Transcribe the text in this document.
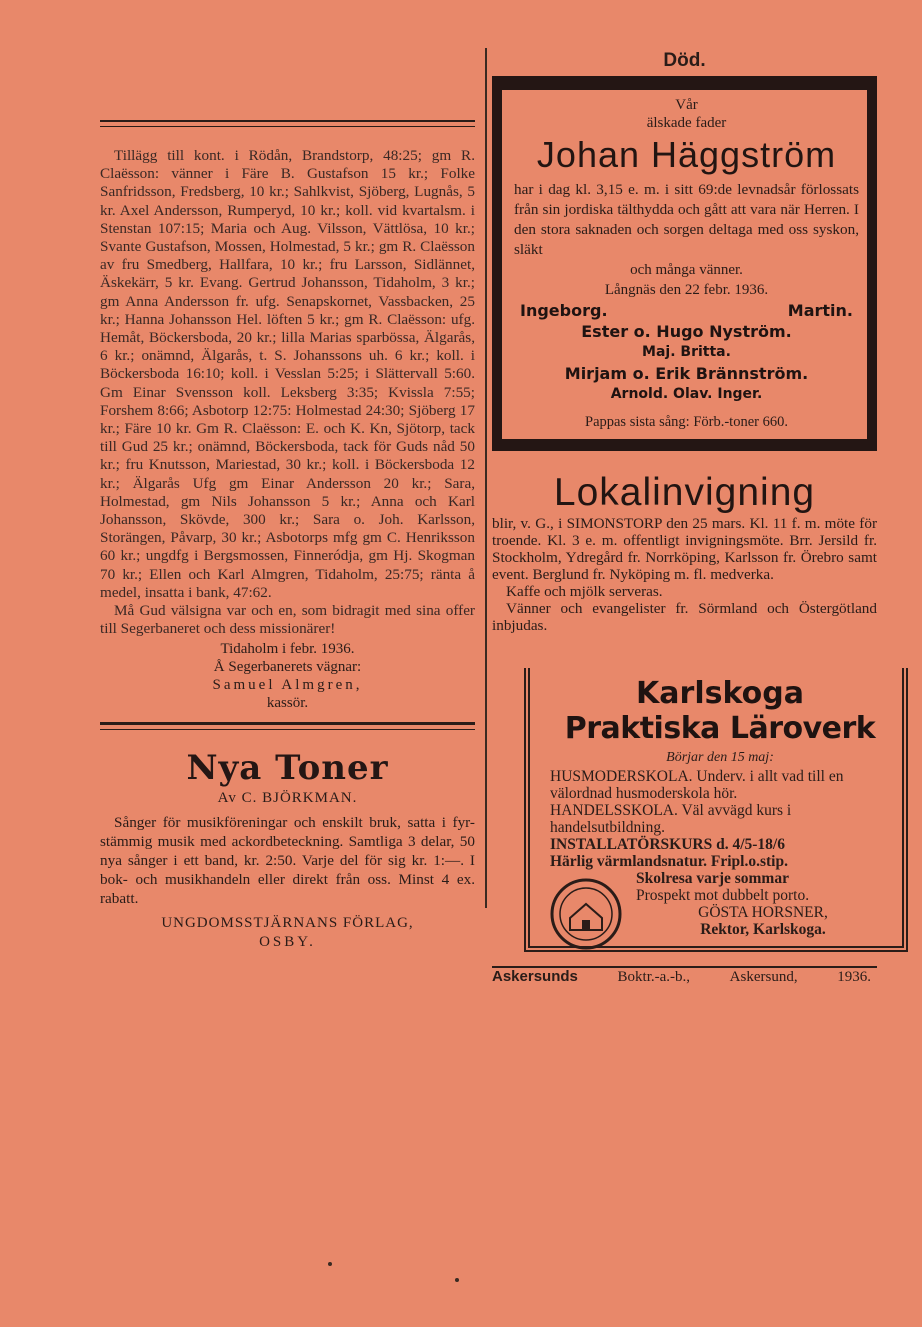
Tillägg till kont. i Rödån, Brandstorp, 48:25; gm R. Claësson: vänner i Färe B. Gustafson 15 kr.; Folke Sanfridsson, Fredsberg, 10 kr.; Sahlkvist, Sjöberg, Lugnås, 5 kr. Axel Andersson, Rumperyd, 10 kr.; koll. vid kvartalsm. i Stenstan 107:15; Maria och Aug. Vilsson, Vättlösa, 10 kr.; Svante Gustafson, Mossen, Holmestad, 5 kr.; gm R. Claësson av fru Smedberg, Hallfara, 10 kr.; fru Larsson, Sidlännet, Äskekärr, 5 kr. Evang. Gertrud Johansson, Tidaholm, 3 kr.; gm Anna Andersson fr. ufg. Senapskornet, Vassbacken, 25 kr.; Hanna Johansson Hel. löften 5 kr.; gm R. Claësson: ufg. Hemåt, Böckersboda, 20 kr.; lilla Marias sparbössa, Älgarås, 6 kr.; onämnd, Älgarås, t. S. Johanssons uh. 6 kr.; koll. i Böckersboda 16:10; koll. i Vesslan 5:25; i Slättervall 5:60. Gm Einar Svensson koll. Leksberg 3:35; Kvissla 7:55; Forshem 8:66; Asbotorp 12:75: Holmestad 24:30; Sjöberg 17 kr.; Färe 10 kr. Gm R. Claësson: E. och K. Kn, Sjötorp, tack till Gud 25 kr.; onämnd, Böckersboda, tack för Guds nåd 50 kr.; fru Knutsson, Mariestad, 30 kr.; koll. i Böckersboda 12 kr.; Älgarås Ufg gm Einar Andersson 20 kr.; Sara, Holmestad, gm Nils Johansson 5 kr.; Anna och Karl Johansson, Skövde, 300 kr.; Sara o. Joh. Karlsson, Storängen, Påvarp, 30 kr.; Asbotorps mfg gm C. Henriksson 60 kr.; ungdfg i Bergsmossen, Finneródja, gm Hj. Skogman 70 kr.; Ellen och Karl Almgren, Tidaholm, 25:75; ränta å medel, insatta i bank, 47:62.

Må Gud välsigna var och en, som bidragit med sina offer till Segerbaneret och dess missionärer!

Tidaholm i febr. 1936.
Å Segerbanerets vägnar:
Samuel Almgren,
kassör.
Nya Toner
Av C. BJÖRKMAN.
Sånger för musikföreningar och enskilt bruk, satta i fyr-stämmig musik med ackordbeteckning. Samtliga 3 delar, 50 nya sånger i ett band, kr. 2:50. Varje del för sig kr. 1:—. I bok- och musikhandeln eller direkt från oss. Minst 4 ex. rabatt.
UNGDOMSSTJÄRNANS FÖRLAG,
OSBY.
Död.
Vår
älskade fader
Johan Häggström
har i dag kl. 3,15 e. m. i sitt 69:de levnadsår förlossats från sin jordiska tälthydda och gått att vara när Herren. I den stora saknaden och sorgen deltaga med oss syskon, släkt
och många vänner.
Långnäs den 22 febr. 1936.
Ingeborg.	Martin.
Ester o. Hugo Nyström.
Maj. Britta.
Mirjam o. Erik Brännström.
Arnold. Olav. Inger.
Pappas sista sång: Förb.-toner 660.
Lokalinvigning

blir, v. G., i SIMONSTORP den 25 mars. Kl. 11 f. m. möte för troende. Kl. 3 e. m. offentligt invigningsmöte. Brr. Jersild fr. Stockholm, Ydregård fr. Norrköping, Karlsson fr. Örebro samt event. Berglund fr. Nyköping m. fl. medverka.

Kaffe och mjölk serveras.

Vänner och evangelister fr. Sörmland och Östergötland inbjudas.

Karlskoga
Praktiska Läroverk
Börjar den 15 maj:
HUSMODERSKOLA. Underv. i allt vad till en välordnad husmoderskola hör.
HANDELSSKOLA. Väl avvägd kurs i handelsutbildning.
INSTALLATÖRSKURS d. 4/5-18/6
Härlig värmlandsnatur. Fripl.o.stip.
Skolresa varje sommar
Prospekt mot dubbelt porto.
GÖSTA HORSNER,
Rektor, Karlskoga.
Askersunds	Boktr.-a.-b.,	Askersund,	1936.
